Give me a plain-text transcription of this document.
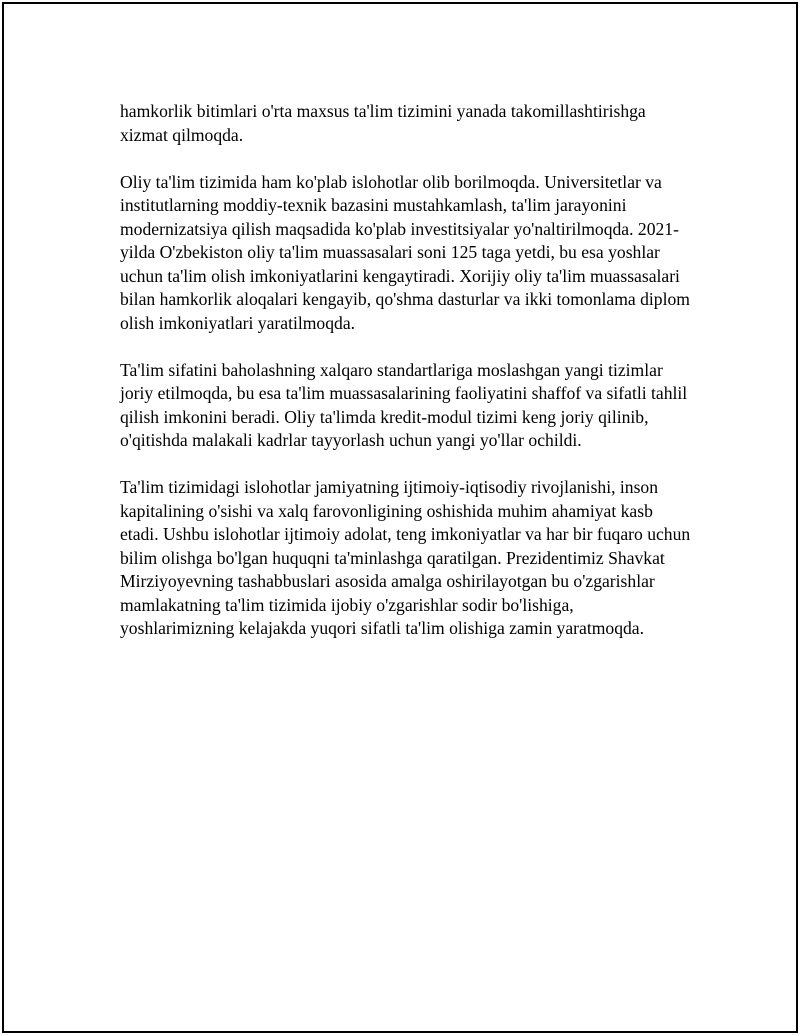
hamkorlik bitimlari o'rta maxsus ta'lim tizimini yanada takomillashtirishga xizmat qilmoqda.

Oliy ta'lim tizimida ham ko'plab islohotlar olib borilmoqda. Universitetlar va institutlarning moddiy-texnik bazasini mustahkamlash, ta'lim jarayonini modernizatsiya qilish maqsadida ko'plab investitsiyalar yo'naltirilmoqda. 2021-yilda O'zbekiston oliy ta'lim muassasalari soni 125 taga yetdi, bu esa yoshlar uchun ta'lim olish imkoniyatlarini kengaytiradi. Xorijiy oliy ta'lim muassasalari bilan hamkorlik aloqalari kengayib, qo'shma dasturlar va ikki tomonlama diplom olish imkoniyatlari yaratilmoqda.

Ta'lim sifatini baholashning xalqaro standartlariga moslashgan yangi tizimlar joriy etilmoqda, bu esa ta'lim muassasalarining faoliyatini shaffof va sifatli tahlil qilish imkonini beradi. Oliy ta'limda kredit-modul tizimi keng joriy qilinib, o'qitishda malakali kadrlar tayyorlash uchun yangi yo'llar ochildi.

Ta'lim tizimidagi islohotlar jamiyatning ijtimoiy-iqtisodiy rivojlanishi, inson kapitalining o'sishi va xalq farovonligining oshishida muhim ahamiyat kasb etadi. Ushbu islohotlar ijtimoiy adolat, teng imkoniyatlar va har bir fuqaro uchun bilim olishga bo'lgan huquqni ta'minlashga qaratilgan. Prezidentimiz Shavkat Mirziyoyevning tashabbuslari asosida amalga oshirilayotgan bu o'zgarishlar mamlakatning ta'lim tizimida ijobiy o'zgarishlar sodir bo'lishiga, yoshlarimizning kelajakda yuqori sifatli ta'lim olishiga zamin yaratmoqda.
